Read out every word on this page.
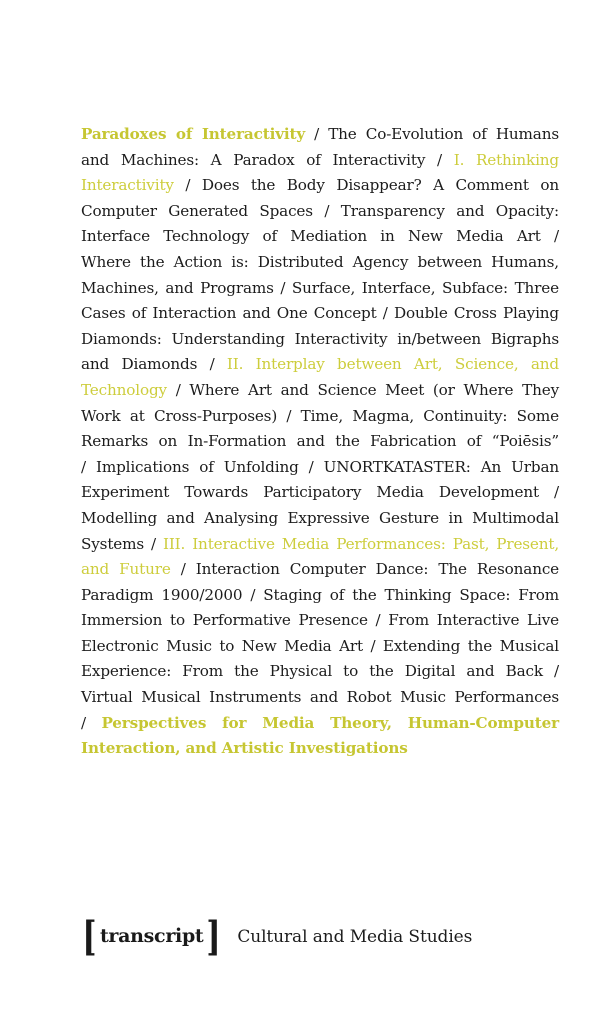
Paradoxes of Interactivity / The Co-Evolution of Humans
and Machines: A Paradox of Interactivity / I. Rethinking
Interactivity / Does the Body Disappear? A Comment on
Computer Generated Spaces / Transparency and Opacity:
Interface Technology of Mediation in New Media Art /
Where the Action is: Distributed Agency between Humans,
Machines, and Programs / Surface, Interface, Subface: Three
Cases of Interaction and One Concept / Double Cross Playing
Diamonds: Understanding Interactivity in/between Bigraphs
and Diamonds / II. Interplay between Art, Science, and
Technology / Where Art and Science Meet (or Where They
Work at Cross-Purposes) / Time, Magma, Continuity: Some
Remarks on In-Formation and the Fabrication of “Poiēsis”
/ Implications of Unfolding / UNORTKATASTER: An Urban
Experiment Towards Participatory Media Development /
Modelling and Analysing Expressive Gesture in Multimodal
Systems / III. Interactive Media Performances: Past, Present,
and Future / Interaction Computer Dance: The Resonance
Paradigm 1900/2000 / Staging of the Thinking Space: From
Immersion to Performative Presence / From Interactive Live
Electronic Music to New Media Art / Extending the Musical
Experience: From the Physical to the Digital and Back /
Virtual Musical Instruments and Robot Music Performances
/ Perspectives for Media Theory, Human-Computer
Interaction, and Artistic Investigations
[ transcript ] Cultural and Media Studies
